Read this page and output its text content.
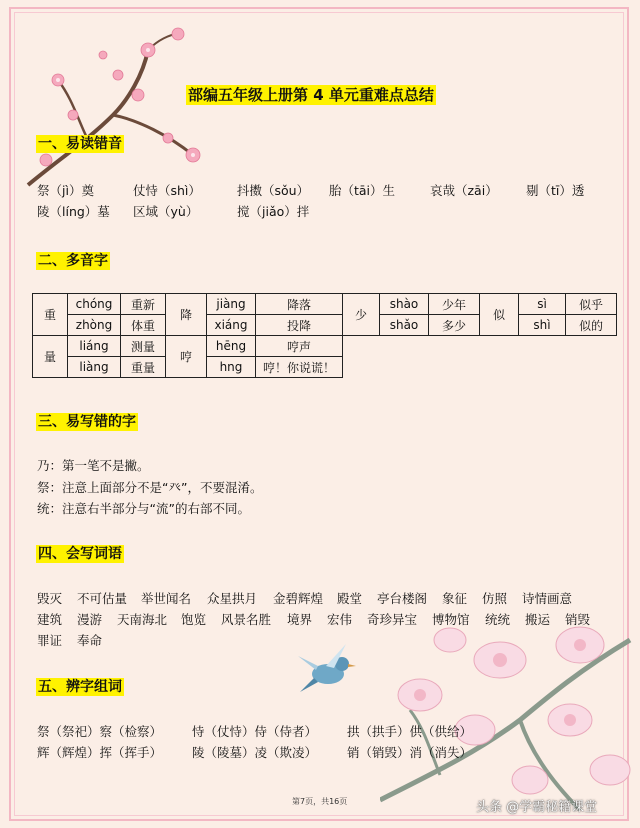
部编五年级上册第 4 单元重难点总结
一、易读错音
祭（jì）奠	仗恃（shì）	抖擞（sǒu） 胎（tāi）生	哀哉（zāi） 剔（tī）透
陵（líng）墓 区域（yù）	搅（jiǎo）拌
二、多音字
重	chóng	重新	降	jiàng	降落	少	shào	少年	似	sì	似乎
	zhòng	体重		xiáng	投降		shǎo	多少		shì	似的
量	liáng	测量	哼	hēng	哼声						
	liàng	重量		hng	哼！你说谎！						
三、易写错的字
乃：第一笔不是撇。
祭：注意上面部分不是“癶”，不要混淆。
统：注意右半部分与“流”的右部不同。
四、会写词语
毁灭 不可估量 举世闻名 众星拱月 金碧辉煌 殿堂 亭台楼阁 象征 仿照 诗情画意
建筑 漫游 天南海北 饱览 风景名胜 境界 宏伟 奇珍异宝 博物馆 统统 搬运 销毁
罪证 奉命
五、辨字组词
祭（祭祀）察（检察） 恃（仗恃）侍（侍者） 拱（拱手）供（供给）
辉（辉煌）挥（挥手） 陵（陵墓）凌（欺凌） 销（销毁）消（消失）
第7页，共16页	头条 @学霸秘籍课堂
